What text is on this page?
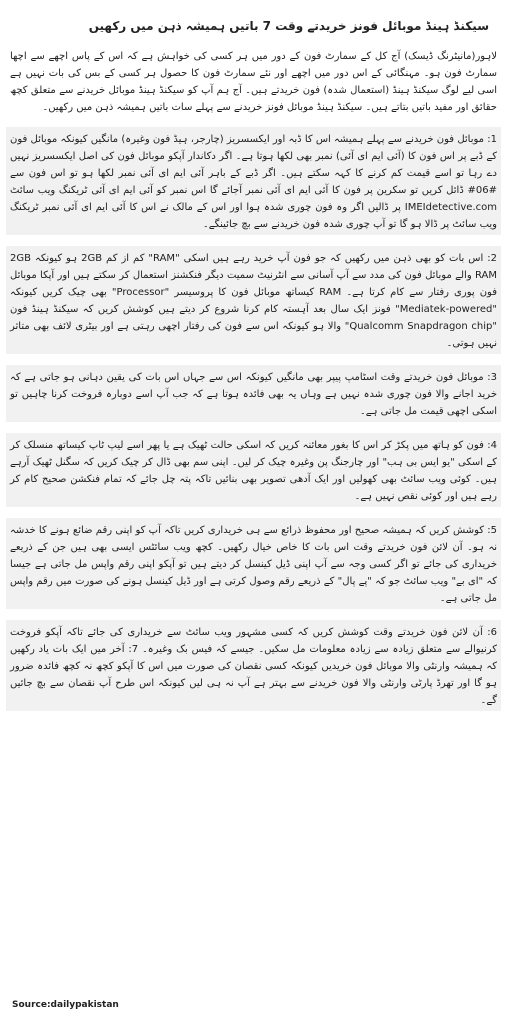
سیکنڈ ہینڈ موبائل فونز خریدتے وقت 7 باتیں ہمیشہ ذہن میں رکھیں

لاہور(مانیٹرنگ ڈیسک) آج کل کے سمارٹ فون کے دور میں ہر کسی کی خواہش ہے کہ اس کے پاس اچھے سے اچھا سمارٹ فون ہو۔ مہنگائی کے اس دور میں اچھے اور نئے سمارٹ فون کا حصول ہر کسی کے بس کی بات نہیں ہے اسی لیے لوگ سیکنڈ ہینڈ (استعمال شدہ) فون خریدتے ہیں۔ آج ہم آپ کو سیکنڈ ہینڈ موبائل خریدنے سے متعلق کچھ حقائق اور مفید باتیں بتاتے ہیں۔ سیکنڈ ہینڈ موبائل فونز خریدنے سے پہلے سات باتیں ہمیشہ ذہن میں رکھیں۔

1: موبائل فون خریدنے سے پہلے ہمیشہ اس کا ڈبہ اور ایکسسریز (چارجر، ہیڈ فون وغیرہ) مانگیں کیونکہ موبائل فون کے ڈبے پر اس فون کا (آئی ایم ای آئی) نمبر بھی لکھا ہوتا ہے۔ اگر دکاندار آپکو موبائل فون کی اصل ایکسسریز نہیں دے رہا تو اسے قیمت کم کرنے کا کہہ سکتے ہیں۔ اگر ڈبے کے باہر آئی ایم ای آئی نمبر لکھا ہو تو اس فون سے #06# ڈائل کریں تو سکرین پر فون کا آئی ایم ای آئی نمبر آجائے گا اس نمبر کو آئی ایم ای آئی ٹریکنگ ویب سائٹ IMEIdetective.com پر ڈالیں اگر وہ فون چوری شدہ ہوا اور اس کے مالک نے اس کا آئی ایم ای آئی نمبر ٹریکنگ ویب سائٹ پر ڈالا ہو گا تو آپ چوری شدہ فون خریدنے سے بچ جائینگے۔

2: اس بات کو بھی ذہن میں رکھیں کہ جو فون آپ خرید رہے ہیں اسکی "RAM" کم از کم 2GB ہو کیونکہ 2GB RAM والے موبائل فون کی مدد سے آپ آسانی سے انٹرنیٹ سمیت دیگر فنکشنز استعمال کر سکتے ہیں اور آپکا موبائل فون پوری رفتار سے کام کرتا ہے۔ RAM کیساتھ موبائل فون کا پروسیسر "Processor" بھی چیک کریں کیونکہ "Mediatek-powered" فونز ایک سال بعد آہستہ کام کرنا شروع کر دیتے ہیں کوشش کریں کہ سیکنڈ ہینڈ فون "Qualcomm Snapdragon chip" والا ہو کیونکہ اس سے فون کی رفتار اچھی رہتی ہے اور بیٹری لائف بھی متاثر نہیں ہوتی۔

3: موبائل فون خریدتے وقت اسٹامپ پیپر بھی مانگیں کیونکہ اس سے جہاں اس بات کی یقین دہانی ہو جاتی ہے کہ خرید اجانے والا فون چوری شدہ نہیں ہے وہاں یہ بھی فائدہ ہوتا ہے کہ جب آپ اسے دوبارہ فروخت کرنا چاہیں تو اسکی اچھی قیمت مل جاتی ہے۔

4: فون کو ہاتھ میں پکڑ کر اس کا بغور معائنہ کریں کہ اسکی حالت ٹھیک ہے یا پھر اسے لیپ ٹاپ کیساتھ منسلک کر کے اسکی "یو ایس بی ہب" اور چارجنگ پن وغیرہ چیک کر لیں۔ اپنی سم بھی ڈال کر چیک کریں کہ سگنل ٹھیک آرہے ہیں۔ کوئی ویب سائٹ بھی کھولیں اور ایک آدھی تصویر بھی بنائیں تاکہ پتہ چل جائے کہ تمام فنکشن صحیح کام کر رہے ہیں اور کوئی نقص نہیں ہے۔

5: کوشش کریں کہ ہمیشہ صحیح اور محفوظ ذرائع سے ہی خریداری کریں تاکہ آپ کو اپنی رقم ضائع ہونے کا خدشہ نہ ہو۔ آن لائن فون خریدتے وقت اس بات کا خاص خیال رکھیں۔ کچھ ویب سائٹس ایسی بھی ہیں جن کے ذریعے خریداری کی جائے تو اگر کسی وجہ سے آپ اپنی ڈیل کینسل کر دیتے ہیں تو آپکو اپنی رقم واپس مل جاتی ہے جیسا کہ "ای بے" ویب سائٹ جو کہ "پے پال" کے ذریعے رقم وصول کرتی ہے اور ڈیل کینسل ہونے کی صورت میں رقم واپس مل جاتی ہے۔

6: آن لائن فون خریدتے وقت کوشش کریں کہ کسی مشہور ویب سائٹ سے خریداری کی جائے تاکہ آپکو فروخت کرنیوالے سے متعلق زیادہ سے زیادہ معلومات مل سکیں۔ جیسے کہ فیس بک وغیرہ۔ 7: آخر میں ایک بات یاد رکھیں کہ ہمیشہ وارنٹی والا موبائل فون خریدیں کیونکہ کسی نقصان کی صورت میں اس کا آپکو کچھ نہ کچھ فائدہ ضرور ہو گا اور تھرڈ پارٹی وارنٹی والا فون خریدنے سے بہتر ہے آپ نہ ہی لیں کیونکہ اس طرح آپ نقصان سے بچ جائیں گے۔

Source:dailypakistan
